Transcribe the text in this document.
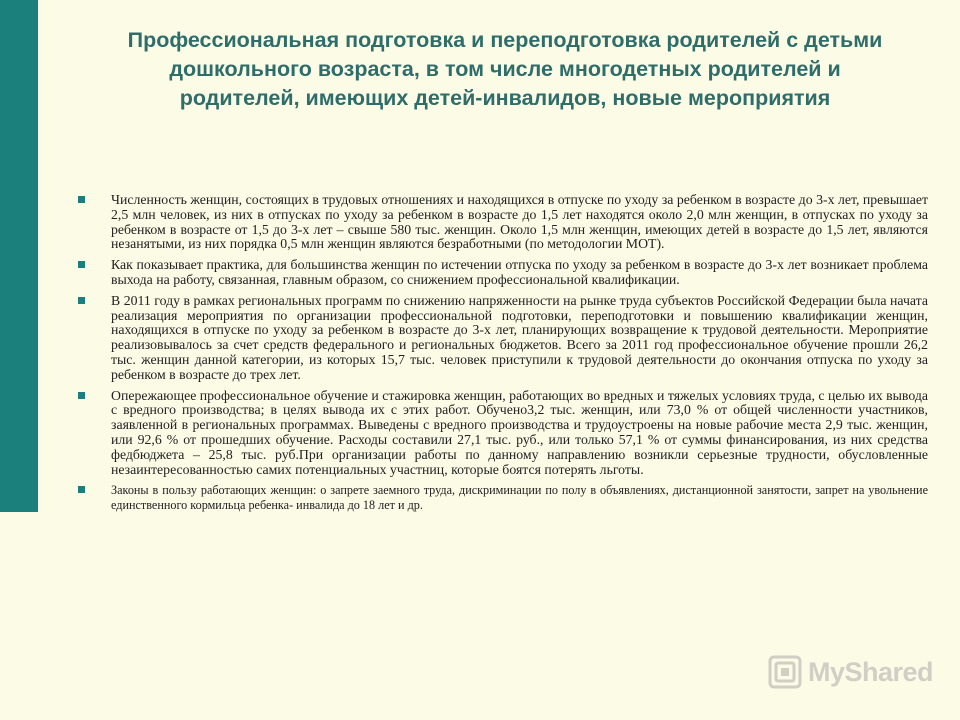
Профессиональная подготовка и переподготовка родителей с детьми
дошкольного возраста, в том числе многодетных родителей и
родителей, имеющих детей-инвалидов, новые мероприятия
Численность женщин, состоящих в трудовых отношениях и находящихся в отпуске по уходу за ребенком в возрасте до 3-х лет, превышает 2,5 млн человек, из них в отпусках по уходу за ребенком в возрасте до 1,5 лет находятся около 2,0 млн женщин, в отпусках по уходу за ребенком в возрасте от 1,5 до 3-х лет – свыше 580 тыс. женщин. Около 1,5 млн женщин, имеющих детей в возрасте до 1,5 лет, являются незанятыми, из них порядка 0,5 млн женщин являются безработными (по методологии МОТ).
Как показывает практика, для большинства женщин по истечении отпуска по уходу за ребенком в возрасте до 3-х лет возникает проблема выхода на работу, связанная, главным образом, со снижением профессиональной квалификации.
В 2011 году в рамках региональных программ по снижению напряженности на рынке труда субъектов Российской Федерации была начата реализация мероприятия по организации профессиональной подготовки, переподготовки и повышению квалификации женщин, находящихся в отпуске по уходу за ребенком в возрасте до 3-х лет, планирующих возвращение к трудовой деятельности. Мероприятие реализовывалось за счет средств федерального и региональных бюджетов. Всего за 2011 год профессиональное обучение прошли 26,2 тыс. женщин данной категории, из которых 15,7 тыс. человек приступили к трудовой деятельности до окончания отпуска по уходу за ребенком в возрасте до трех лет.
Опережающее профессиональное обучение и стажировка женщин, работающих во вредных и тяжелых условиях труда, с целью их вывода с вредного производства; в целях вывода их с этих работ. Обучено3,2 тыс. женщин, или 73,0 % от общей численности участников, заявленной в региональных программах. Выведены с вредного производства и трудоустроены на новые рабочие места 2,9 тыс. женщин, или 92,6 % от прошедших обучение. Расходы составили 27,1 тыс. руб., или только 57,1 % от суммы финансирования, из них средства федбюджета – 25,8 тыс. руб.При организации работы по данному направлению возникли серьезные трудности, обусловленные незаинтересованностью самих потенциальных участниц, которые боятся потерять льготы.
Законы в пользу работающих женщин: о запрете заемного труда, дискриминации по полу в объявлениях, дистанционной занятости, запрет на увольнение единственного кормильца ребенка- инвалида до 18 лет и др.
MyShared
